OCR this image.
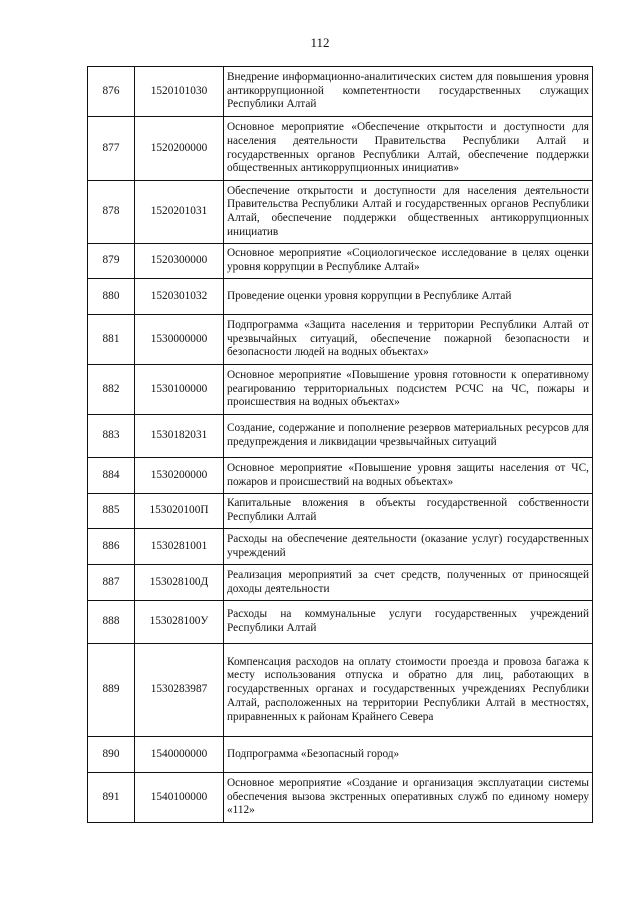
112
876	1520101030	Внедрение информационно-аналитических систем для повышения уровня антикоррупционной компетентности государственных служащих Республики Алтай
877	1520200000	Основное мероприятие «Обеспечение открытости и доступности для населения деятельности Правительства Республики Алтай и государственных органов Республики Алтай, обеспечение поддержки общественных антикоррупционных инициатив»
878	1520201031	Обеспечение открытости и доступности для населения деятельности Правительства Республики Алтай и государственных органов Республики Алтай, обеспечение поддержки общественных антикоррупционных инициатив
879	1520300000	Основное мероприятие «Социологическое исследование в целях оценки уровня коррупции в Республике Алтай»
880	1520301032	Проведение оценки уровня коррупции в Республике Алтай
881	1530000000	Подпрограмма «Защита населения и территории Республики Алтай от чрезвычайных ситуаций, обеспечение пожарной безопасности и безопасности людей на водных объектах»
882	1530100000	Основное мероприятие «Повышение уровня готовности к оперативному реагированию территориальных подсистем РСЧС на ЧС, пожары и происшествия на водных объектах»
883	1530182031	Создание, содержание и пополнение резервов материальных ресурсов для предупреждения и ликвидации чрезвычайных ситуаций
884	1530200000	Основное мероприятие «Повышение уровня защиты населения от ЧС, пожаров и происшествий на водных объектах»
885	153020100П	Капитальные вложения в объекты государственной собственности Республики Алтай
886	1530281001	Расходы на обеспечение деятельности (оказание услуг) государственных учреждений
887	153028100Д	Реализация мероприятий за счет средств, полученных от приносящей доходы деятельности
888	153028100У	Расходы на коммунальные услуги государственных учреждений Республики Алтай
889	1530283987	Компенсация расходов на оплату стоимости проезда и провоза багажа к месту использования отпуска и обратно для лиц, работающих в государственных органах и государственных учреждениях Республики Алтай, расположенных на территории Республики Алтай в местностях, приравненных к районам Крайнего Севера
890	1540000000	Подпрограмма «Безопасный город»
891	1540100000	Основное мероприятие «Создание и организация эксплуатации системы обеспечения вызова экстренных оперативных служб по единому номеру «112»
